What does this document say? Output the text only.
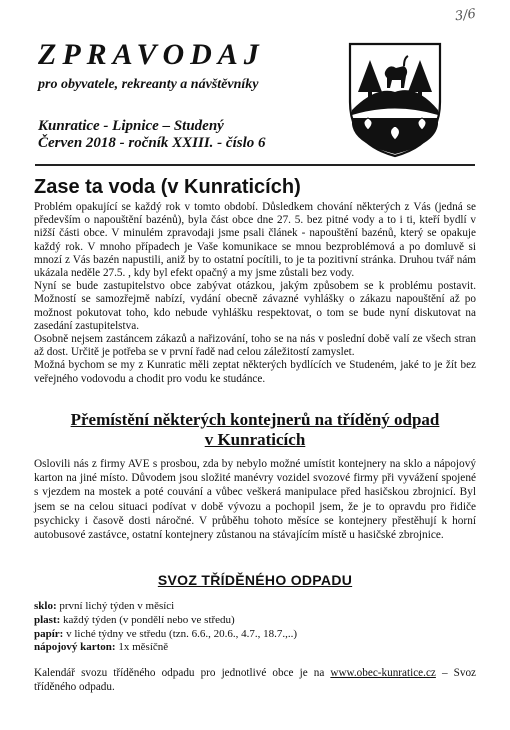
3/6
ZPRAVODAJ
pro obyvatele, rekreanty a návštěvníky
Kunratice - Lipnice – Studený
Červen 2018 - ročník XXIII. - číslo 6
Zase ta voda (v Kunraticích)

Problém opakující se každý rok v tomto období. Důsledkem chování některých z Vás (jedná se především o napouštění bazénů), byla část obce dne 27. 5. bez pitné vody a to i ti, kteří bydlí v nižší části obce. V minulém zpravodaji jsme psali článek - napouštění bazénů, který se opakuje každý rok. V mnoho případech je Vaše komunikace se mnou bezproblémová a po domluvě si mnozí z Vás bazén napustili, aniž by to ostatní pocítili, to je ta pozitivní stránka. Druhou tvář nám ukázala neděle 27.5. , kdy byl efekt opačný a my jsme zůstali bez vody.

Nyní se bude zastupitelstvo obce zabývat otázkou, jakým způsobem se k problému postavit. Možností se samozřejmě nabízí, vydání obecně závazné vyhlášky o zákazu napouštění až po možnost pokutovat toho, kdo nebude vyhlášku respektovat, o tom se bude nyní diskutovat na zasedání zastupitelstva.

Osobně nejsem zastáncem zákazů a nařizování, toho se na nás v poslední době valí ze všech stran až dost. Určitě je potřeba se v první řadě nad celou záležitostí zamyslet.

Možná bychom se my z Kunratic měli zeptat některých bydlících ve Studeném, jaké to je žít bez veřejného vodovodu a chodit pro vodu ke studánce.

Přemístění některých kontejnerů na tříděný odpad
v Kunraticích

Oslovili nás z firmy AVE s prosbou, zda by nebylo možné umístit kontejnery na sklo a nápojový karton na jiné místo. Důvodem jsou složité manévry vozidel svozové firmy při vyvážení spojené s vjezdem na mostek a poté couvání a vůbec veškerá manipulace před hasičskou zbrojnicí. Byl jsem se na celou situaci podívat v době vývozu a pochopil jsem, že je to opravdu pro řidiče psychicky i časově dosti náročné. V průběhu tohoto měsíce se kontejnery přestěhují k horní autobusové zastávce, ostatní kontejnery zůstanou na stávajícím místě u hasičské zbrojnice.

SVOZ TŘÍDĚNÉHO ODPADU
sklo: první lichý týden v měsíci
plast: každý týden (v pondělí nebo ve středu)
papír: v liché týdny ve středu (tzn. 6.6., 20.6., 4.7., 18.7.,..)
nápojový karton: 1x měsíčně

Kalendář svozu tříděného odpadu pro jednotlivé obce je na www.obec-kunratice.cz – Svoz tříděného odpadu.
